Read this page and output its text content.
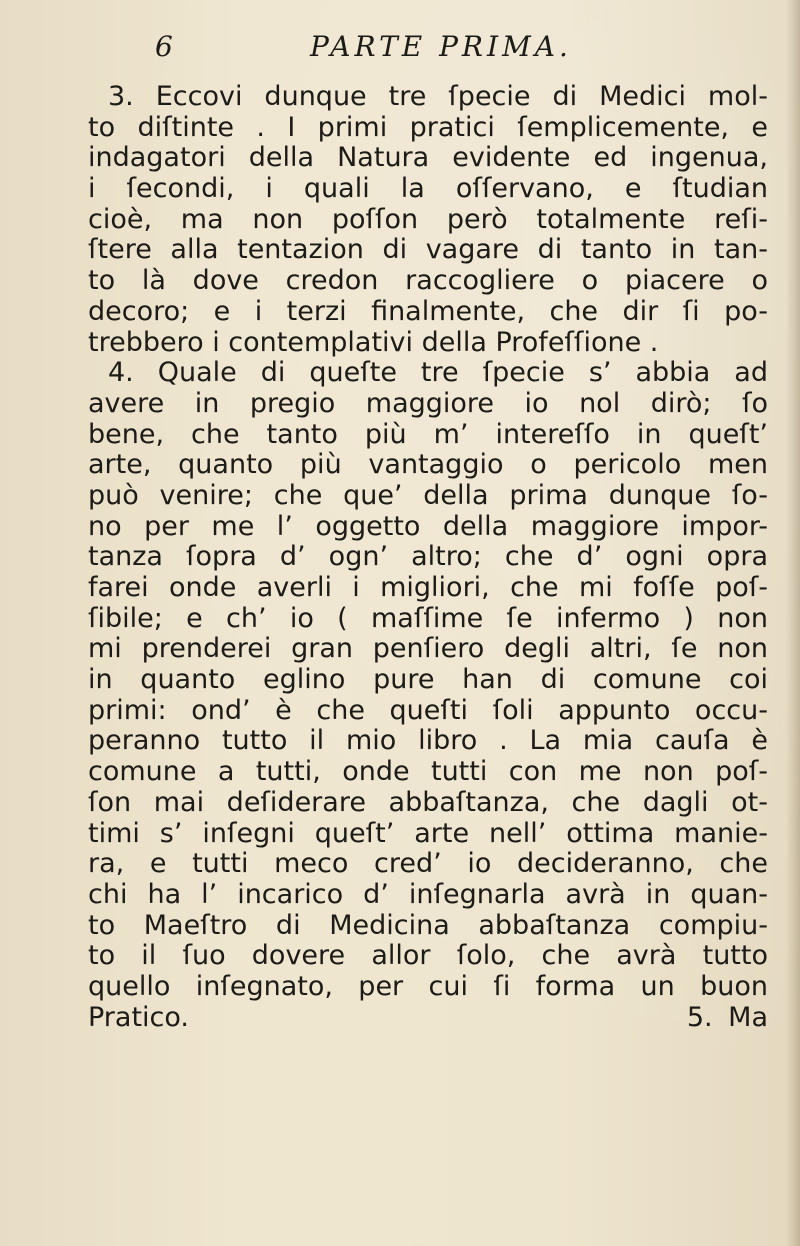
6	PARTE PRIMA.
3. Eccovi dunque tre ſpecie di Medici mol-
to diſtinte . I primi pratici ſemplicemente, e
indagatori della Natura evidente ed ingenua,
i ſecondi, i quali la oſſervano, e ſtudian
cioè, ma non poſſon però totalmente reſi-
ſtere alla tentazion di vagare di tanto in tan-
to là dove credon raccogliere o piacere o
decoro; e i terzi finalmente, che dir ſi po-
trebbero i contemplativi della Profeſſione .
4. Quale di queſte tre ſpecie s’ abbia ad
avere in pregio maggiore io nol dirò; ſo
bene, che tanto più m’ intereſſo in queſt’
arte, quanto più vantaggio o pericolo men
può venire; che que’ della prima dunque ſo-
no per me l’ oggetto della maggiore impor-
tanza ſopra d’ ogn’ altro; che d’ ogni opra
farei onde averli i migliori, che mi foſſe poſ-
ſibile; e ch’ io ( maſſime ſe infermo ) non
mi prenderei gran penſiero degli altri, ſe non
in quanto eglino pure han di comune coi
primi: ond’ è che queſti ſoli appunto occu-
peranno tutto il mio libro . La mia cauſa è
comune a tutti, onde tutti con me non poſ-
ſon mai deſiderare abbaſtanza, che dagli ot-
timi s’ inſegni queſt’ arte nell’ ottima manie-
ra, e tutti meco cred’ io decideranno, che
chi ha l’ incarico d’ inſegnarla avrà in quan-
to Maeſtro di Medicina abbaſtanza compiu-
to il ſuo dovere allor ſolo, che avrà tutto
quello inſegnato, per cui ſi forma un buon
Pratico.                                5. Ma
